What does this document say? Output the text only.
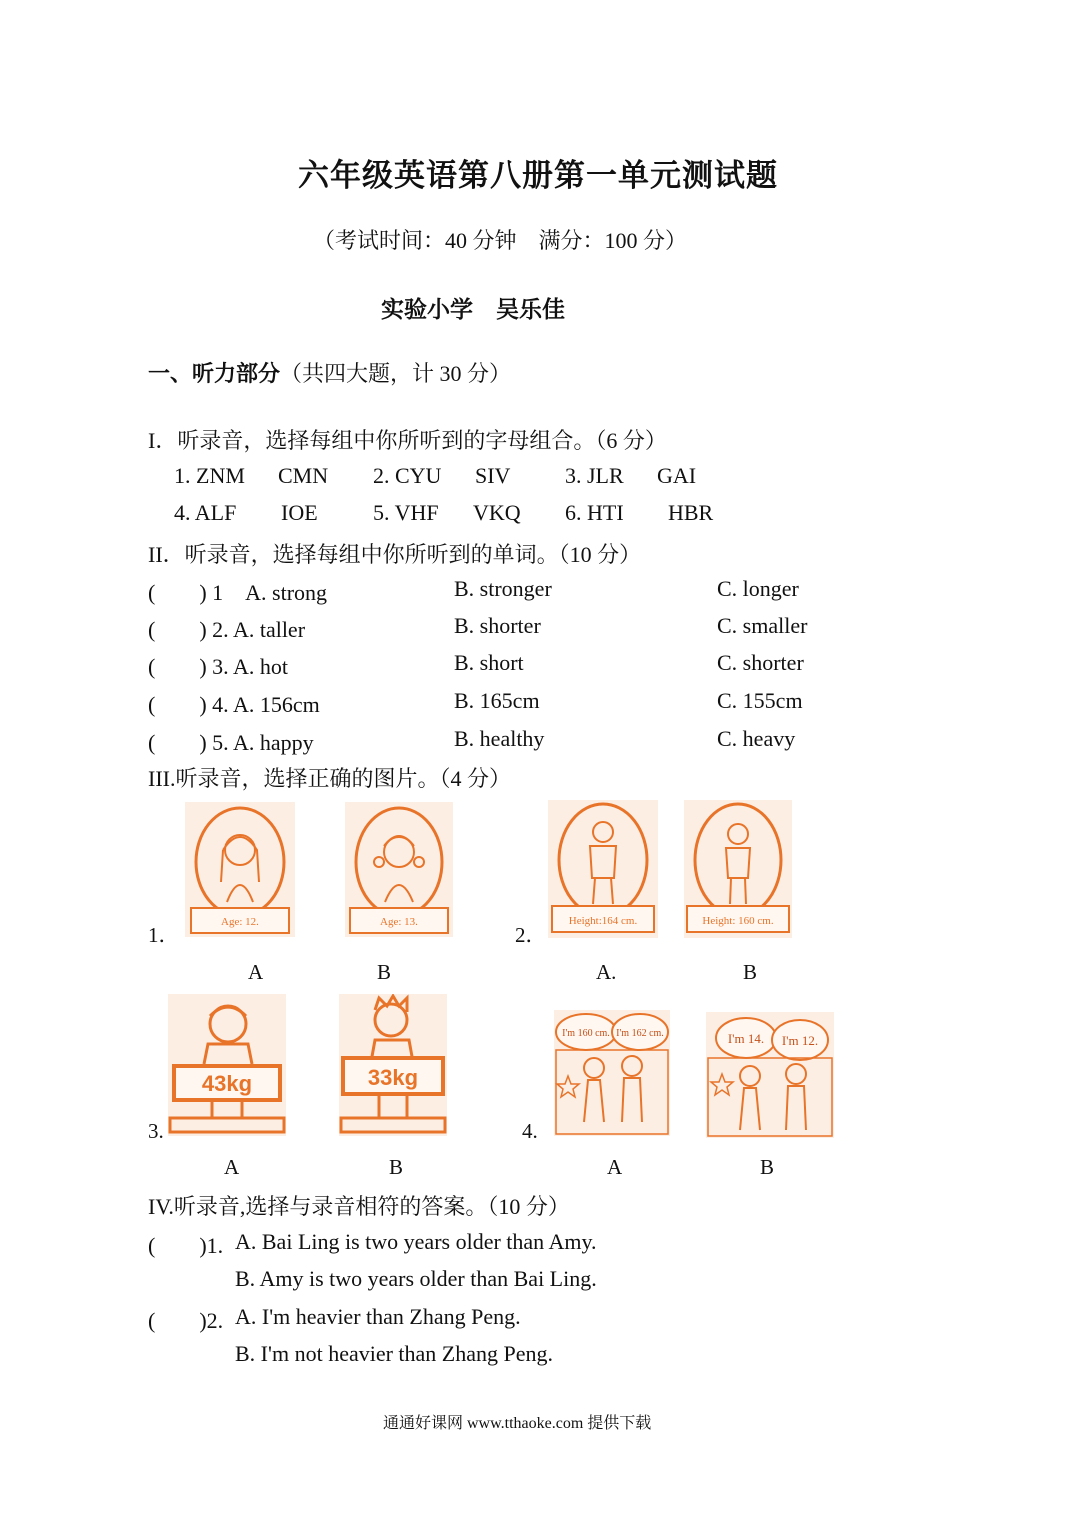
六年级英语第八册第一单元测试题
（考试时间：40 分钟　满分：100 分）
实验小学　吴乐佳
一、听力部分（共四大题，计 30 分）
I．听录音，选择每组中你所听到的字母组合。（6 分）
1. ZNM CMN 2. CYU SIV 3. JLR GAI
4. ALF IOE	5. VHF VKQ 6. HTI HBR
II．听录音，选择每组中你所听到的单词。（10 分）
(　　) 1　A. strong	B. stronger	C. longer
(　　) 2. A. taller	B. shorter	C. smaller
(　　) 3. A. hot	B. short	C. shorter
(　　) 4. A. 156cm	B. 165cm	C. 155cm
(　　) 5. A. happy	B. healthy	C. heavy
III.听录音，选择正确的图片。（4 分）
1．
Age: 12.	Age: 13.
A	B
2．
Height:164 cm.	Height: 160 cm.
A.	B
3.
43kg	33kg
A	B
4.
I'm 160 cm. I'm 162 cm.	I'm 14. I'm 12.
A	B
IV.听录音,选择与录音相符的答案。（10 分）
(　　)1. A. Bai Ling is two years older than Amy.
B. Amy is two years older than Bai Ling.
(　　)2. A. I'm heavier than Zhang Peng.
B. I'm not heavier than Zhang Peng.
通通好课网 www.tthaoke.com 提供下载
